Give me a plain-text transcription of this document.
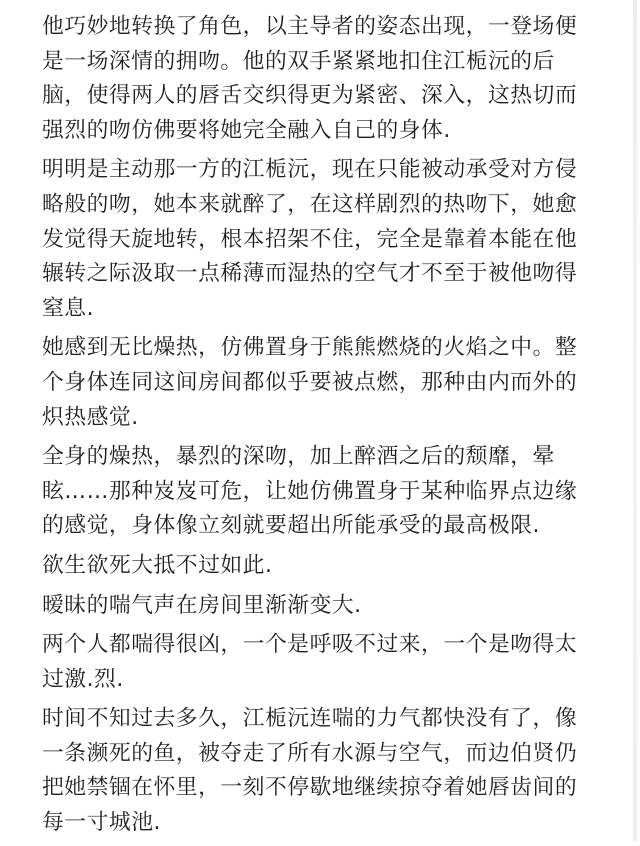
他巧妙地转换了角色，以主导者的姿态出现，一登场便是一场深情的拥吻。他的双手紧紧地扣住江栀沅的后脑，使得两人的唇舌交织得更为紧密、深入，这热切而强烈的吻仿佛要将她完全融入自己的身体.

明明是主动那一方的江栀沅，现在只能被动承受对方侵略般的吻，她本来就醉了，在这样剧烈的热吻下，她愈发觉得天旋地转，根本招架不住，完全是靠着本能在他辗转之际汲取一点稀薄而湿热的空气才不至于被他吻得窒息.

她感到无比燥热，仿佛置身于熊熊燃烧的火焰之中。整个身体连同这间房间都似乎要被点燃，那种由内而外的炽热感觉.

全身的燥热，暴烈的深吻，加上醉酒之后的颓靡，晕眩……那种岌岌可危，让她仿佛置身于某种临界点边缘的感觉，身体像立刻就要超出所能承受的最高极限.

欲生欲死大抵不过如此.

暧昧的喘气声在房间里渐渐变大.

两个人都喘得很凶，一个是呼吸不过来，一个是吻得太过激.烈.

时间不知过去多久，江栀沅连喘的力气都快没有了，像一条濒死的鱼，被夺走了所有水源与空气，而边伯贤仍把她禁锢在怀里，一刻不停歇地继续掠夺着她唇齿间的每一寸城池.
